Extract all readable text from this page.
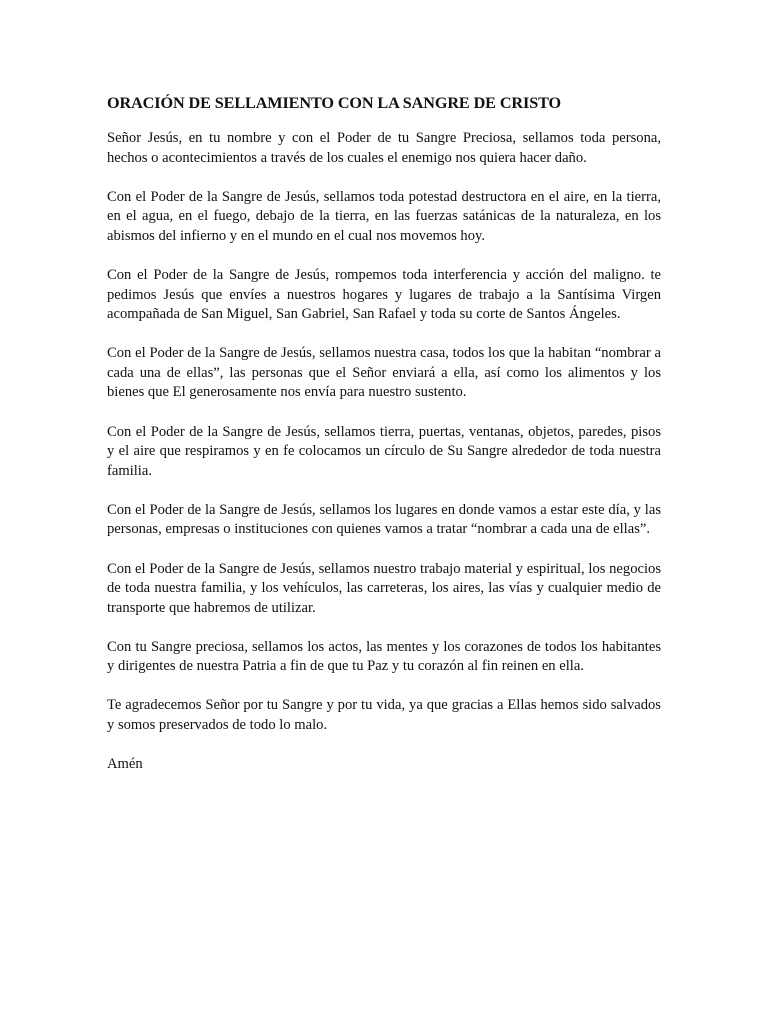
ORACIÓN DE SELLAMIENTO CON LA SANGRE DE CRISTO

Señor Jesús, en tu nombre y con el Poder de tu Sangre Preciosa, sellamos toda persona, hechos o acontecimientos a través de los cuales el enemigo nos quiera hacer daño.

Con el Poder de la Sangre de Jesús, sellamos toda potestad destructora en el aire, en la tierra, en el agua, en el fuego, debajo de la tierra, en las fuerzas satánicas de la naturaleza, en los abismos del infierno y en el mundo en el cual nos movemos hoy.

Con el Poder de la Sangre de Jesús, rompemos toda interferencia y acción del maligno. te pedimos Jesús que envíes a nuestros hogares y lugares de trabajo a la Santísima Virgen acompañada de San Miguel, San Gabriel, San Rafael y toda su corte de Santos Ángeles.

Con el Poder de la Sangre de Jesús, sellamos nuestra casa, todos los que la habitan “nombrar a cada una de ellas”, las personas que el Señor enviará a ella, así como los alimentos y los bienes que El generosamente nos envía para nuestro sustento.

Con el Poder de la Sangre de Jesús, sellamos tierra, puertas, ventanas, objetos, paredes, pisos y el aire que respiramos y en fe colocamos un círculo de Su Sangre alrededor de toda nuestra familia.

Con el Poder de la Sangre de Jesús, sellamos los lugares en donde vamos a estar este día, y las personas, empresas o instituciones con quienes vamos a tratar “nombrar a cada una de ellas”.

Con el Poder de la Sangre de Jesús, sellamos nuestro trabajo material y espiritual, los negocios de toda nuestra familia, y los vehículos, las carreteras, los aires, las vías y cualquier medio de transporte que habremos de utilizar.

Con tu Sangre preciosa, sellamos los actos, las mentes y los corazones de todos los habitantes y dirigentes de nuestra Patria a fin de que tu Paz y tu corazón al fin reinen en ella.

Te agradecemos Señor por tu Sangre y por tu vida, ya que gracias a Ellas hemos sido salvados y somos preservados de todo lo malo.

Amén
